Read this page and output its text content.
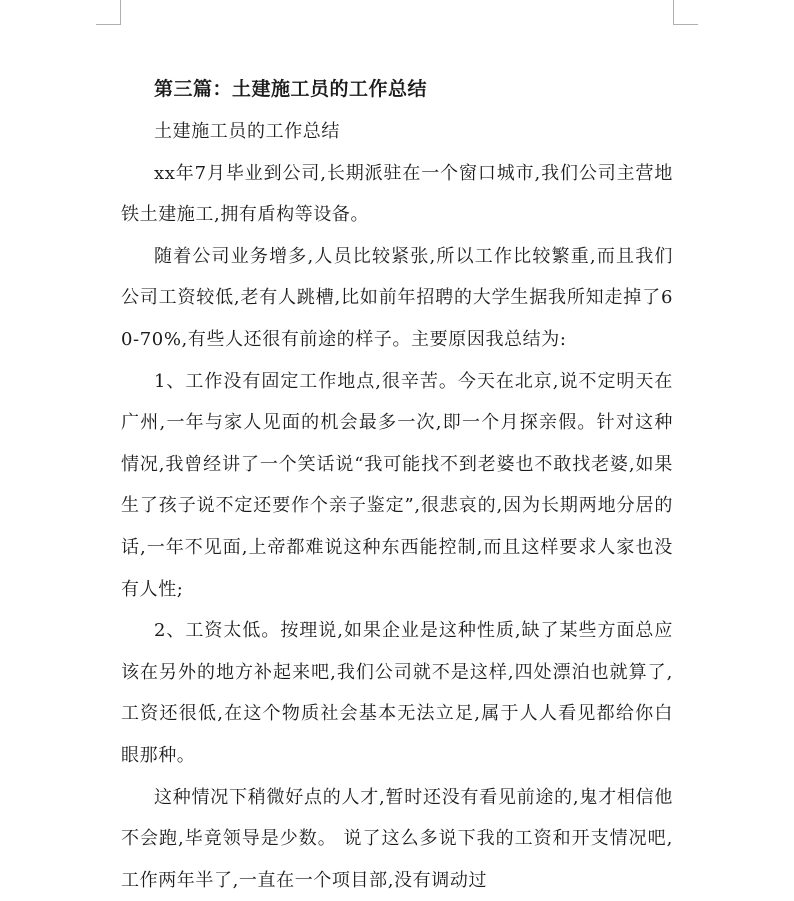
第三篇：土建施工员的工作总结

土建施工员的工作总结

xx年7月毕业到公司,长期派驻在一个窗口城市,我们公司主营地铁土建施工,拥有盾构等设备。

随着公司业务增多,人员比较紧张,所以工作比较繁重,而且我们公司工资较低,老有人跳槽,比如前年招聘的大学生据我所知走掉了60-70%,有些人还很有前途的样子。主要原因我总结为:

1、工作没有固定工作地点,很辛苦。今天在北京,说不定明天在广州,一年与家人见面的机会最多一次,即一个月探亲假。针对这种情况,我曾经讲了一个笑话说“我可能找不到老婆也不敢找老婆,如果生了孩子说不定还要作个亲子鉴定”,很悲哀的,因为长期两地分居的话,一年不见面,上帝都难说这种东西能控制,而且这样要求人家也没有人性;

2、工资太低。按理说,如果企业是这种性质,缺了某些方面总应该在另外的地方补起来吧,我们公司就不是这样,四处漂泊也就算了,工资还很低,在这个物质社会基本无法立足,属于人人看见都给你白眼那种。

这种情况下稍微好点的人才,暂时还没有看见前途的,鬼才相信他不会跑,毕竟领导是少数。 说了这么多说下我的工资和开支情况吧,工作两年半了,一直在一个项目部,没有调动过
